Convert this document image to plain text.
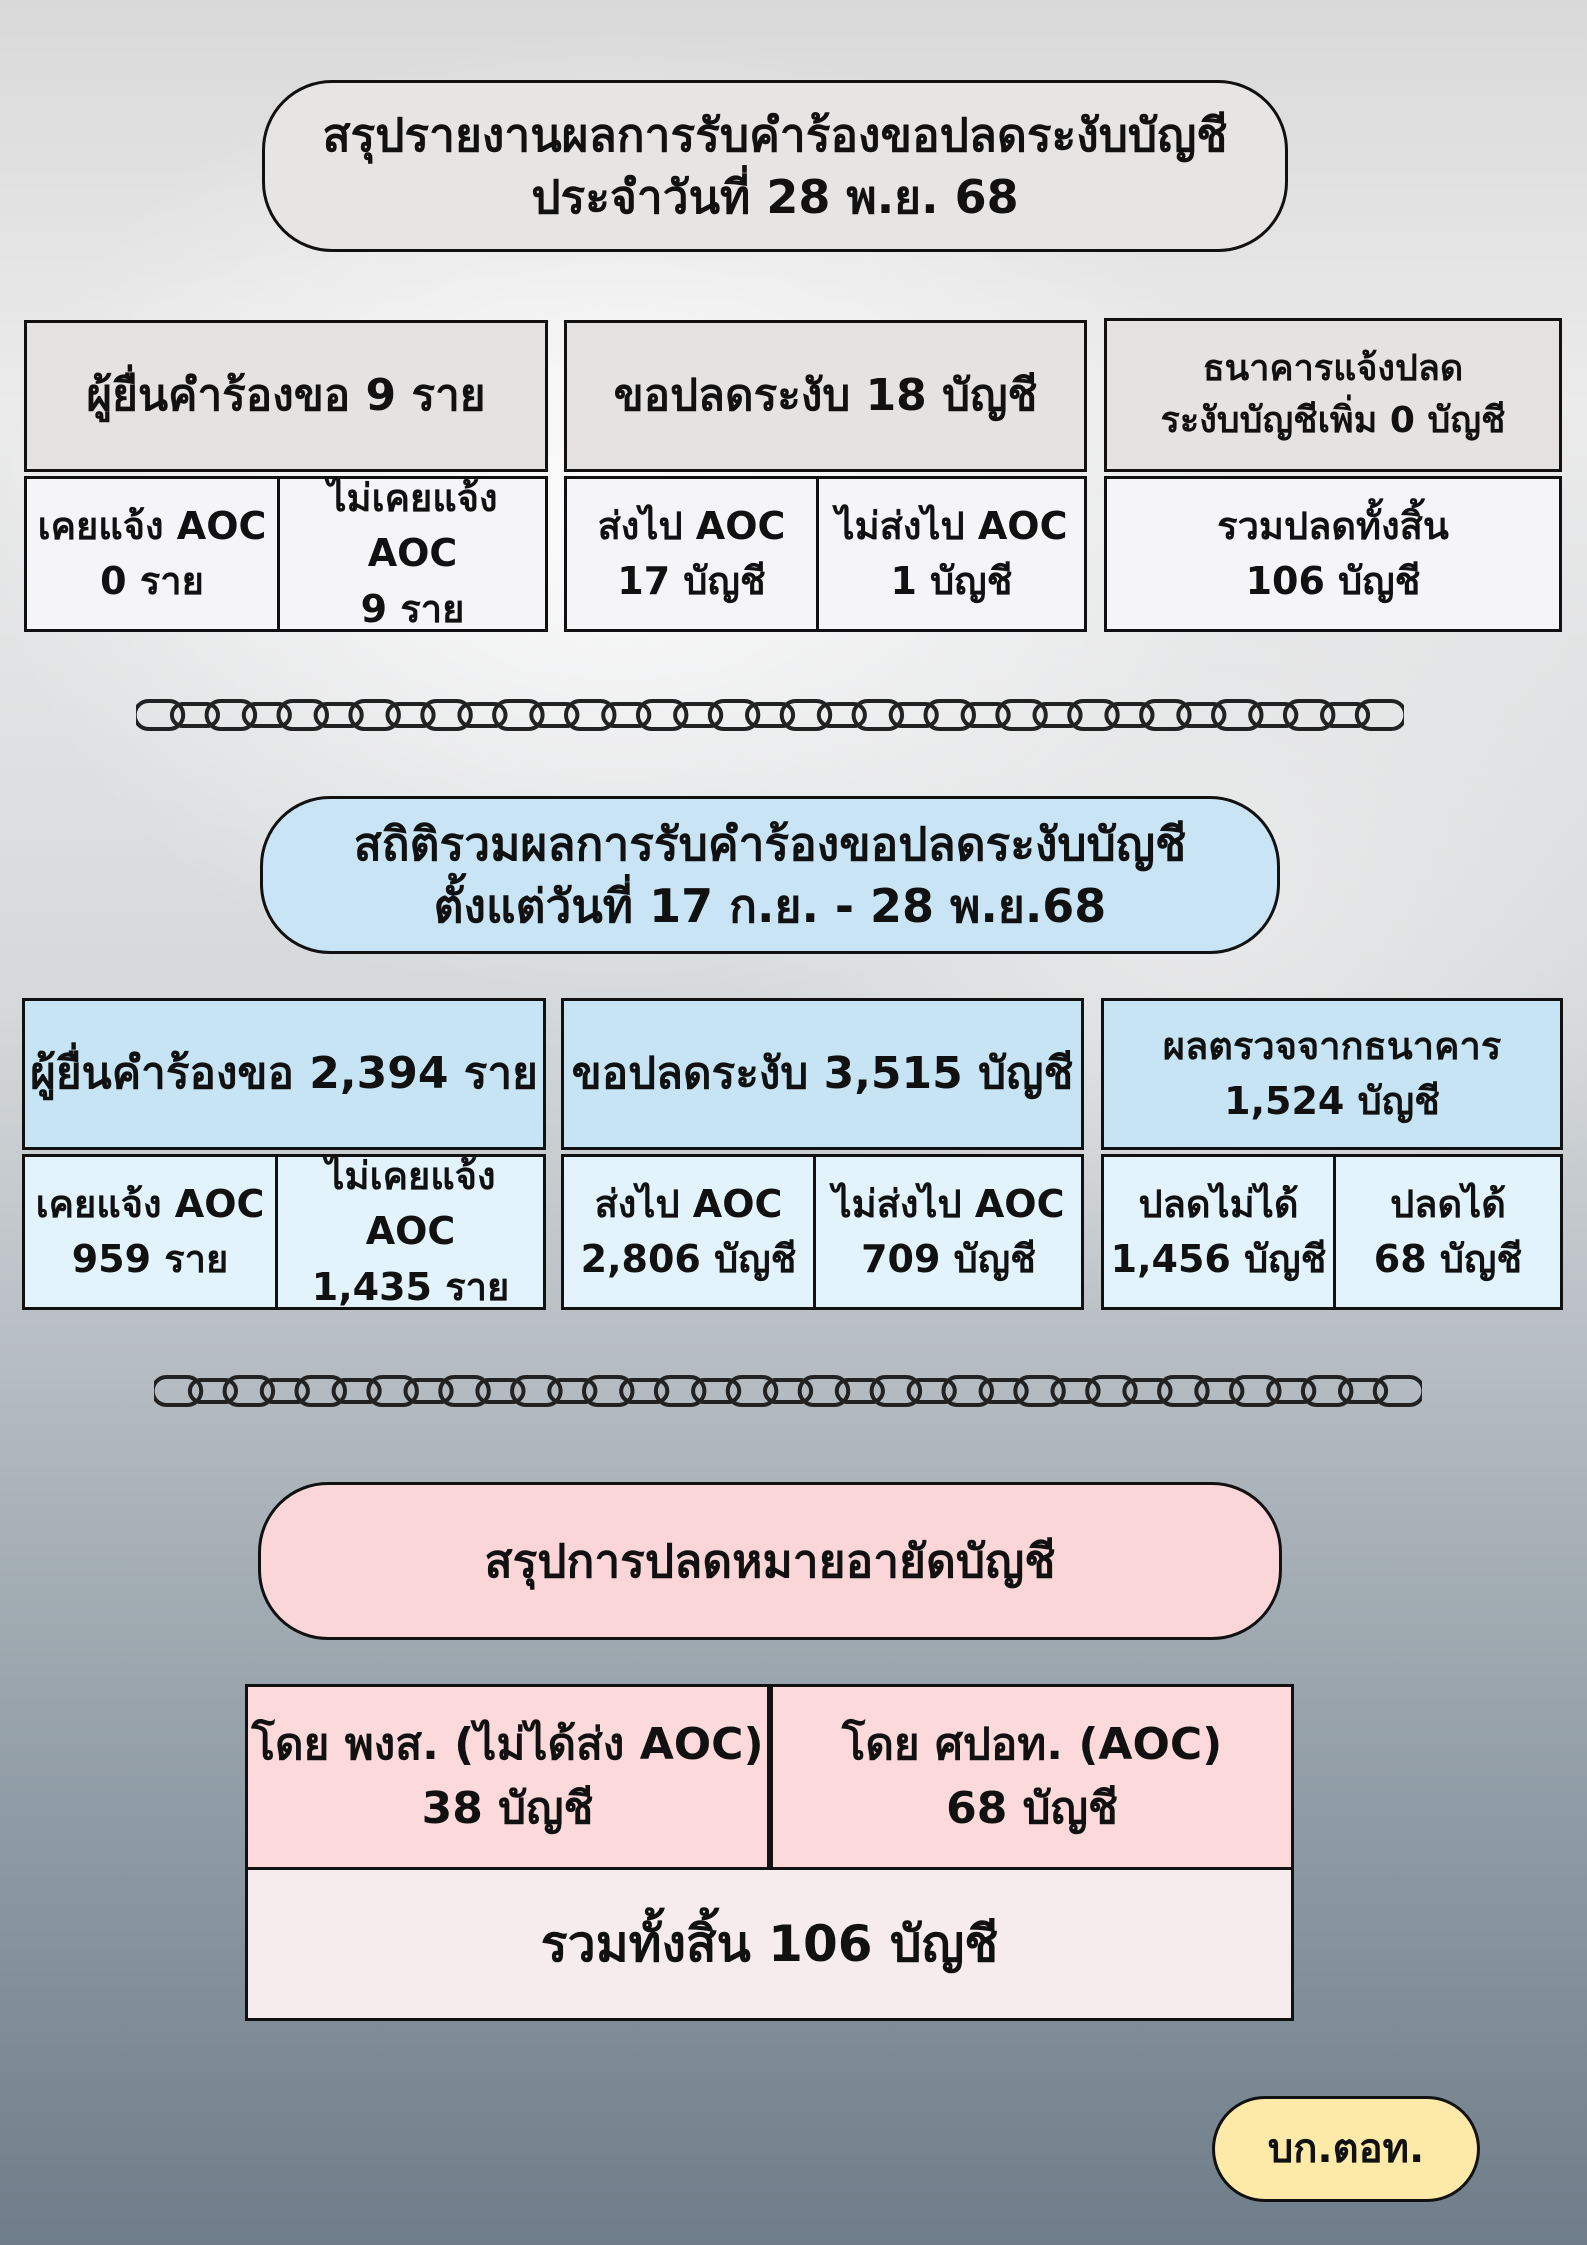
สรุปรายงานผลการรับคำร้องขอปลดระงับบัญชี
ประจำวันที่ 28 พ.ย. 68
ผู้ยื่นคำร้องขอ 9 ราย
เคยแจ้ง AOC
0 ราย
ไม่เคยแจ้ง AOC
9 ราย
ขอปลดระงับ 18 บัญชี
ส่งไป AOC
17 บัญชี
ไม่ส่งไป AOC
1 บัญชี
ธนาคารแจ้งปลด
ระงับบัญชีเพิ่ม 0 บัญชี
รวมปลดทั้งสิ้น
106 บัญชี
สถิติรวมผลการรับคำร้องขอปลดระงับบัญชี
ตั้งแต่วันที่ 17 ก.ย. - 28 พ.ย.68
ผู้ยื่นคำร้องขอ 2,394 ราย
เคยแจ้ง AOC
959 ราย
ไม่เคยแจ้ง AOC
1,435 ราย
ขอปลดระงับ 3,515 บัญชี
ส่งไป AOC
2,806 บัญชี
ไม่ส่งไป AOC
709 บัญชี
ผลตรวจจากธนาคาร
1,524 บัญชี
ปลดไม่ได้
1,456 บัญชี
ปลดได้
68 บัญชี
สรุปการปลดหมายอายัดบัญชี
โดย พงส. (ไม่ได้ส่ง AOC)
38 บัญชี
โดย ศปอท. (AOC)
68 บัญชี
รวมทั้งสิ้น 106 บัญชี
บก.ตอท.
